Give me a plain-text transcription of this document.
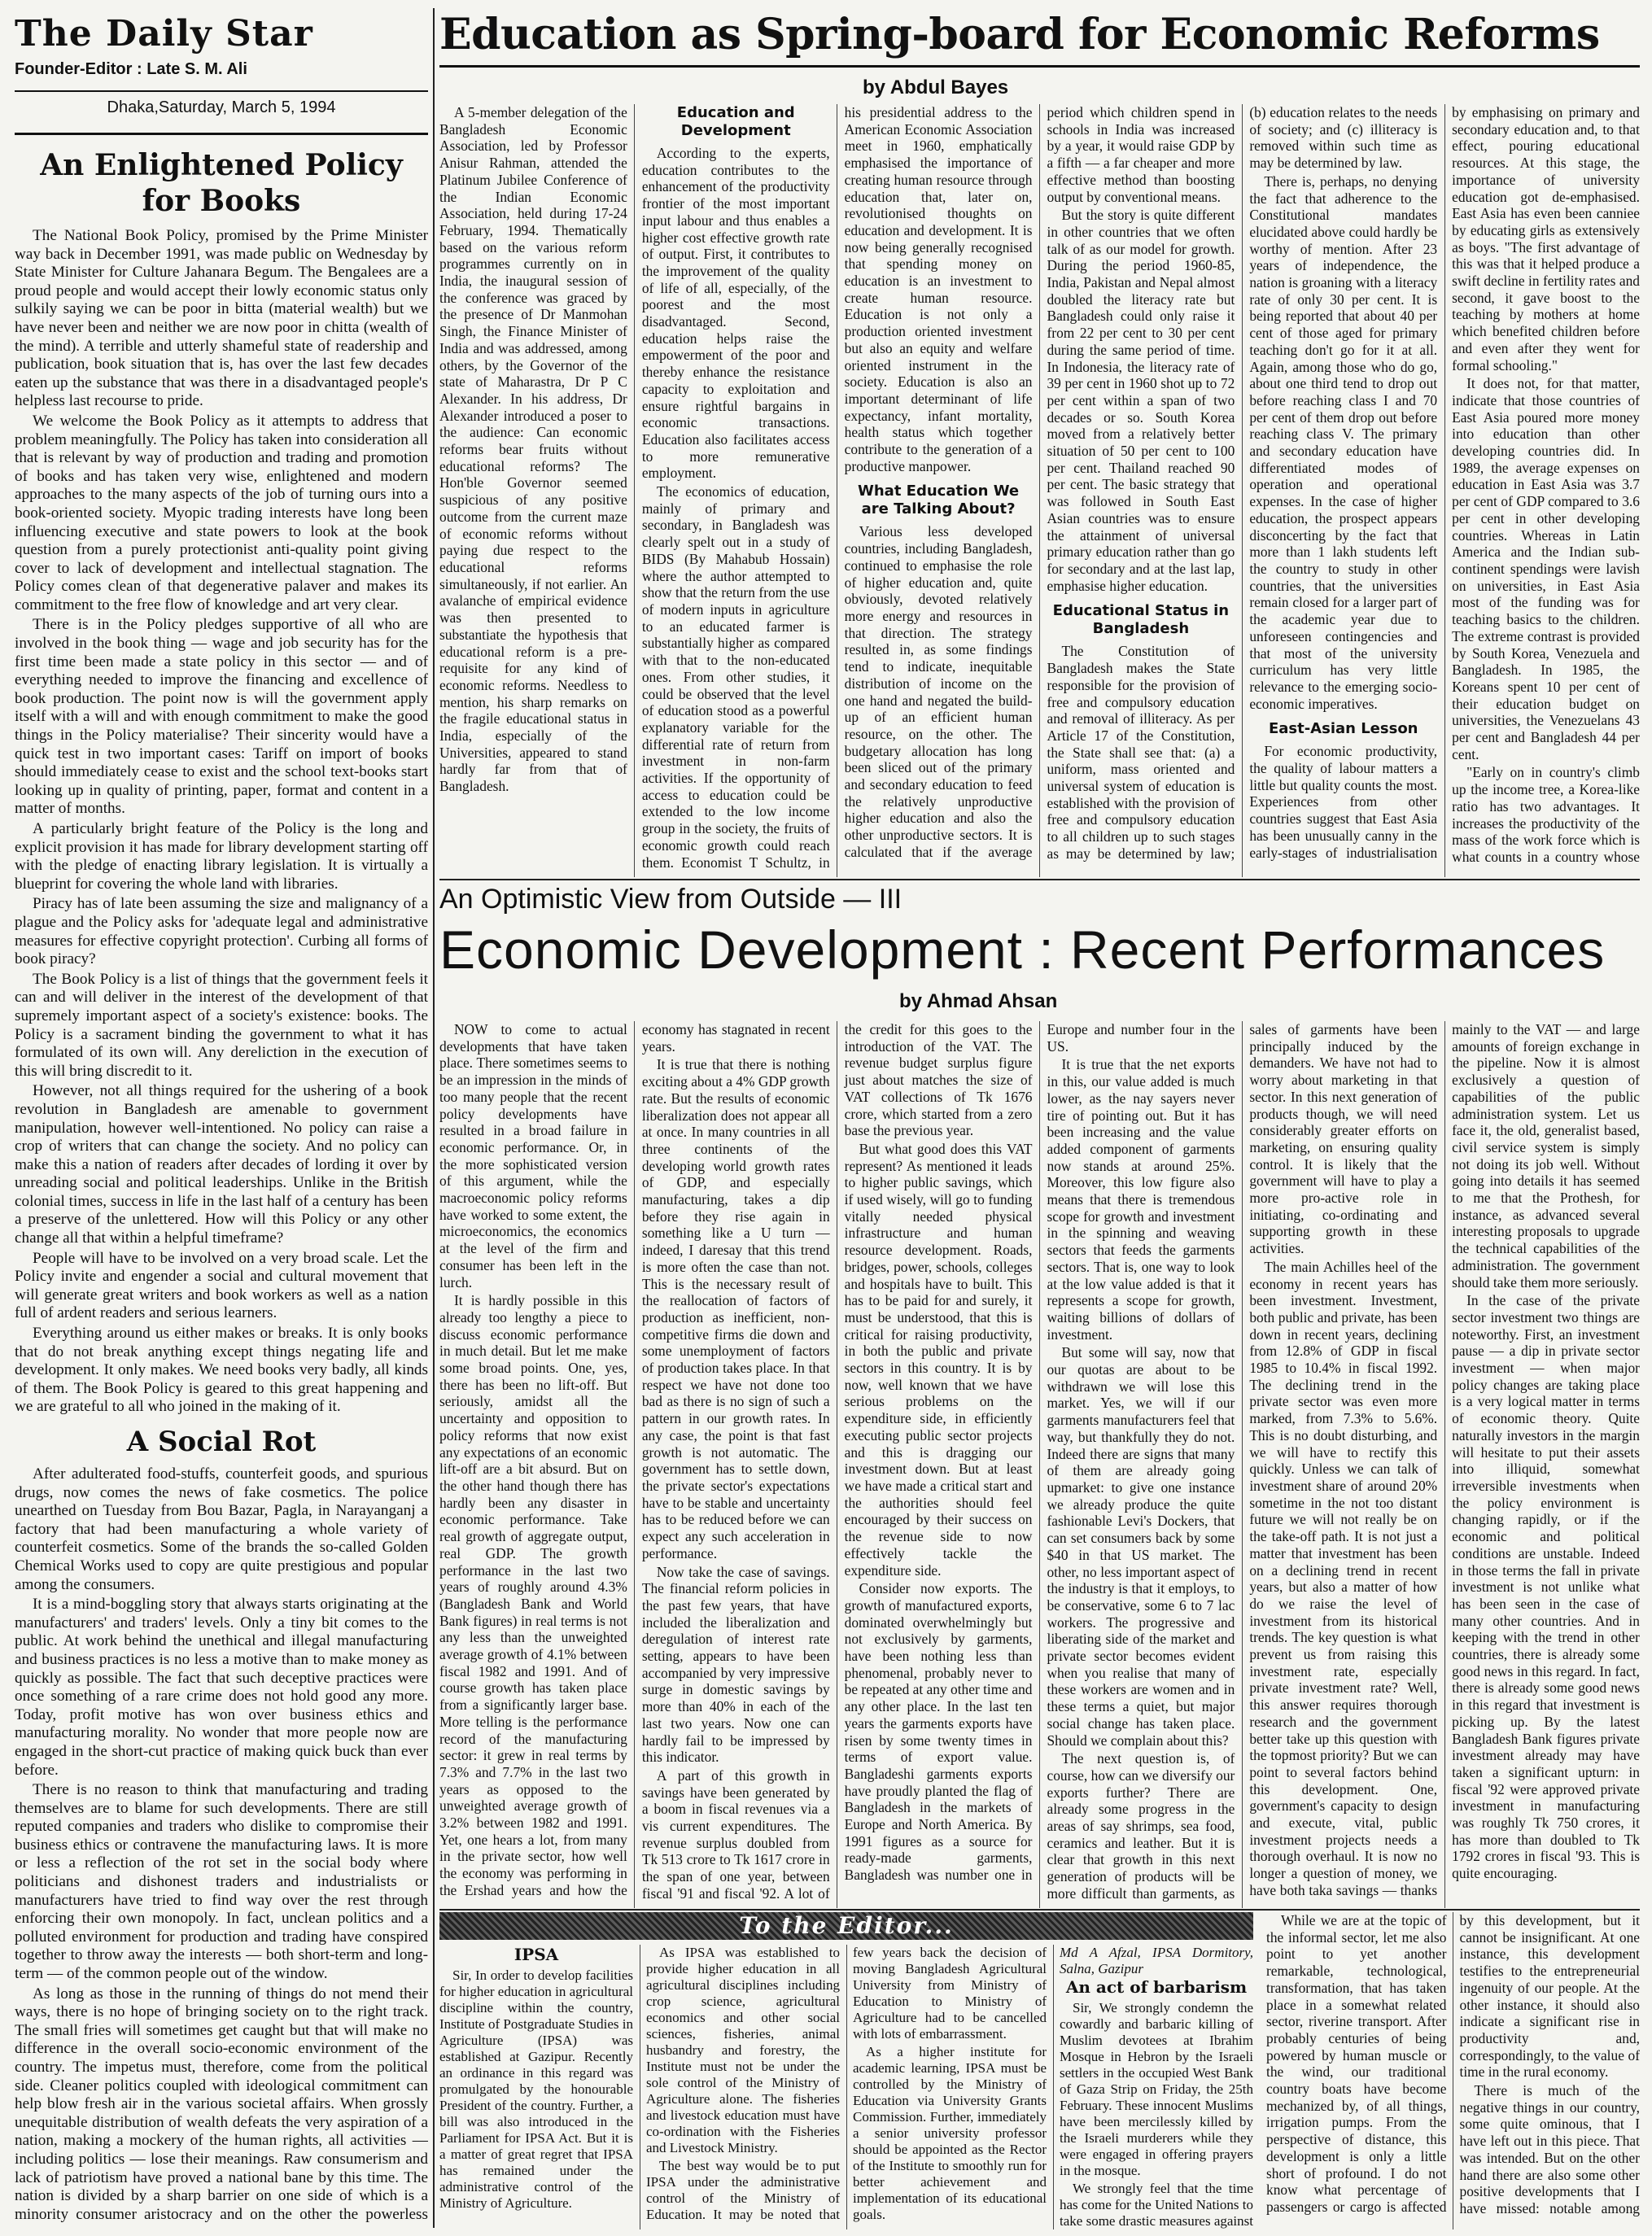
The Daily Star
Founder-Editor : Late S. M. Ali
Dhaka,Saturday, March 5, 1994
An Enlightened Policy for Books

The National Book Policy, promised by the Prime Minister way back in December 1991, was made public on Wednesday by State Minister for Culture Jahanara Begum. The Bengalees are a proud people and would accept their lowly economic status only sulkily saying we can be poor in bitta (material wealth) but we have never been and neither we are now poor in chitta (wealth of the mind). A terrible and utterly shameful state of readership and publication, book situation that is, has over the last few decades eaten up the substance that was there in a disadvantaged people's helpless last recourse to pride.

We welcome the Book Policy as it attempts to address that problem meaningfully. The Policy has taken into consideration all that is relevant by way of production and trading and promotion of books and has taken very wise, enlightened and modern approaches to the many aspects of the job of turning ours into a book-oriented society. Myopic trading interests have long been influencing executive and state powers to look at the book question from a purely protectionist anti-quality point giving cover to lack of development and intellectual stagnation. The Policy comes clean of that degenerative palaver and makes its commitment to the free flow of knowledge and art very clear.

There is in the Policy pledges supportive of all who are involved in the book thing — wage and job security has for the first time been made a state policy in this sector — and of everything needed to improve the financing and excellence of book production. The point now is will the government apply itself with a will and with enough commitment to make the good things in the Policy materialise? Their sincerity would have a quick test in two important cases: Tariff on import of books should immediately cease to exist and the school text-books start looking up in quality of printing, paper, format and content in a matter of months.

A particularly bright feature of the Policy is the long and explicit provision it has made for library development starting off with the pledge of enacting library legislation. It is virtually a blueprint for covering the whole land with libraries.

Piracy has of late been assuming the size and malignancy of a plague and the Policy asks for 'adequate legal and administrative measures for effective copyright protection'. Curbing all forms of book piracy?

The Book Policy is a list of things that the government feels it can and will deliver in the interest of the development of that supremely important aspect of a society's existence: books. The Policy is a sacrament binding the government to what it has formulated of its own will. Any dereliction in the execution of this will bring discredit to it.

However, not all things required for the ushering of a book revolution in Bangladesh are amenable to government manipulation, however well-intentioned. No policy can raise a crop of writers that can change the society. And no policy can make this a nation of readers after decades of lording it over by unreading social and political leaderships. Unlike in the British colonial times, success in life in the last half of a century has been a preserve of the unlettered. How will this Policy or any other change all that within a helpful timeframe?

People will have to be involved on a very broad scale. Let the Policy invite and engender a social and cultural movement that will generate great writers and book workers as well as a nation full of ardent readers and serious learners.

Everything around us either makes or breaks. It is only books that do not break anything except things negating life and development. It only makes. We need books very badly, all kinds of them. The Book Policy is geared to this great happening and we are grateful to all who joined in the making of it.

A Social Rot

After adulterated food-stuffs, counterfeit goods, and spurious drugs, now comes the news of fake cosmetics. The police unearthed on Tuesday from Bou Bazar, Pagla, in Narayanganj a factory that had been manufacturing a whole variety of counterfeit cosmetics. Some of the brands the so-called Golden Chemical Works used to copy are quite prestigious and popular among the consumers.

It is a mind-boggling story that always starts originating at the manufacturers' and traders' levels. Only a tiny bit comes to the public. At work behind the unethical and illegal manufacturing and business practices is no less a motive than to make money as quickly as possible. The fact that such deceptive practices were once something of a rare crime does not hold good any more. Today, profit motive has won over business ethics and manufacturing morality. No wonder that more people now are engaged in the short-cut practice of making quick buck than ever before.

There is no reason to think that manufacturing and trading themselves are to blame for such developments. There are still reputed companies and traders who dislike to compromise their business ethics or contravene the manufacturing laws. It is more or less a reflection of the rot set in the social body where politicians and dishonest traders and industrialists or manufacturers have tried to find way over the rest through enforcing their own monopoly. In fact, unclean politics and a polluted environment for production and trading have conspired together to throw away the interests — both short-term and long-term — of the common people out of the window.

As long as those in the running of things do not mend their ways, there is no hope of bringing society on to the right track. The small fries will sometimes get caught but that will make no difference in the overall socio-economic environment of the country. The impetus must, therefore, come from the political side. Cleaner politics coupled with ideological commitment can help blow fresh air in the various societal affairs. When grossly unequitable distribution of wealth defeats the very aspiration of a nation, making a mockery of the human rights, all activities — including politics — lose their meanings. Raw consumerism and lack of patriotism have proved a national bane by this time. The nation is divided by a sharp barrier on one side of which is a minority consumer aristocracy and on the other the powerless

Education as Spring-board for Economic Reforms
by Abdul Bayes

A 5-member delegation of the Bangladesh Economic Association, led by Professor Anisur Rahman, attended the Platinum Jubilee Conference of the Indian Economic Association, held during 17-24 February, 1994. Thematically based on the various reform programmes currently on in India, the inaugural session of the conference was graced by the presence of Dr Manmohan Singh, the Finance Minister of India and was addressed, among others, by the Governor of the state of Maharastra, Dr P C Alexander. In his address, Dr Alexander introduced a poser to the audience: Can economic reforms bear fruits without educational reforms? The Hon'ble Governor seemed suspicious of any positive outcome from the current maze of economic reforms without paying due respect to the educational reforms simultaneously, if not earlier. An avalanche of empirical evidence was then presented to substantiate the hypothesis that educational reform is a pre-requisite for any kind of economic reforms. Needless to mention, his sharp remarks on the fragile educational status in India, especially of the Universities, appeared to stand hardly far from that of Bangladesh.

Education and Development

According to the experts, education contributes to the enhancement of the productivity frontier of the most important input labour and thus enables a higher cost effective growth rate of output. First, it contributes to the improvement of the quality of life of all, especially, of the poorest and the most disadvantaged. Second, education helps raise the empowerment of the poor and thereby enhance the resistance capacity to exploitation and ensure rightful bargains in economic transactions. Education also facilitates access to more remunerative employment.

The economics of education, mainly of primary and secondary, in Bangladesh was clearly spelt out in a study of BIDS (By Mahabub Hossain) where the author attempted to show that the return from the use of modern inputs in agriculture to an educated farmer is substantially higher as compared with that to the non-educated ones. From other studies, it could be observed that the level of education stood as a powerful explanatory variable for the differential rate of return from investment in non-farm activities. If the opportunity of access to education could be extended to the low income group in the society, the fruits of economic growth could reach them. Economist T Schultz, in his presidential address to the American Economic Association meet in 1960, emphatically emphasised the importance of creating human resource through education that, later on, revolutionised thoughts on education and development. It is now being generally recognised that spending money on education is an investment to create human resource. Education is not only a production oriented investment but also an equity and welfare oriented instrument in the society. Education is also an important determinant of life expectancy, infant mortality, health status which together contribute to the generation of a productive manpower.

What Education We are Talking About?

Various less developed countries, including Bangladesh, continued to emphasise the role of higher education and, quite obviously, devoted relatively more energy and resources in that direction. The strategy resulted in, as some findings tend to indicate, inequitable distribution of income on the one hand and negated the build-up of an efficient human resource, on the other. The budgetary allocation has long been sliced out of the primary and secondary education to feed the relatively unproductive higher education and also the other unproductive sectors. It is calculated that if the average period which children spend in schools in India was increased by a year, it would raise GDP by a fifth — a far cheaper and more effective method than boosting output by conventional means.

But the story is quite different in other countries that we often talk of as our model for growth. During the period 1960-85, India, Pakistan and Nepal almost doubled the literacy rate but Bangladesh could only raise it from 22 per cent to 30 per cent during the same period of time. In Indonesia, the literacy rate of 39 per cent in 1960 shot up to 72 per cent within a span of two decades or so. South Korea moved from a relatively better situation of 50 per cent to 100 per cent. Thailand reached 90 per cent. The basic strategy that was followed in South East Asian countries was to ensure the attainment of universal primary education rather than go for secondary and at the last lap, emphasise higher education.

Educational Status in Bangladesh

The Constitution of Bangladesh makes the State responsible for the provision of free and compulsory education and removal of illiteracy. As per Article 17 of the Constitution, the State shall see that: (a) a uniform, mass oriented and universal system of education is established with the provision of free and compulsory education to all children up to such stages as may be determined by law; (b) education relates to the needs of society; and (c) illiteracy is removed within such time as may be determined by law.

There is, perhaps, no denying the fact that adherence to the Constitutional mandates elucidated above could hardly be worthy of mention. After 23 years of independence, the nation is groaning with a literacy rate of only 30 per cent. It is being reported that about 40 per cent of those aged for primary teaching don't go for it at all. Again, among those who do go, about one third tend to drop out before reaching class I and 70 per cent of them drop out before reaching class V. The primary and secondary education have differentiated modes of operation and operational expenses. In the case of higher education, the prospect appears disconcerting by the fact that more than 1 lakh students left the country to study in other countries, that the universities remain closed for a larger part of the academic year due to unforeseen contingencies and that most of the university curriculum has very little relevance to the emerging socio-economic imperatives.

East-Asian Lesson

For economic productivity, the quality of labour matters a little but quality counts the most. Experiences from other countries suggest that East Asia has been unusually canny in the early-stages of industrialisation by emphasising on primary and secondary education and, to that effect, pouring educational resources. At this stage, the importance of university education got de-emphasised. East Asia has even been canniee by educating girls as extensively as boys. "The first advantage of this was that it helped produce a swift decline in fertility rates and second, it gave boost to the teaching by mothers at home which benefited children before and even after they went for formal schooling."

It does not, for that matter, indicate that those countries of East Asia poured more money into education than other developing countries did. In 1989, the average expenses on education in East Asia was 3.7 per cent of GDP compared to 3.6 per cent in other developing countries. Whereas in Latin America and the Indian sub-continent spendings were lavish on universities, in East Asia most of the funding was for teaching basics to the children. The extreme contrast is provided by South Korea, Venezuela and Bangladesh. In 1985, the Koreans spent 10 per cent of their education budget on universities, the Venezuelans 43 per cent and Bangladesh 44 per cent.

"Early on in country's climb up the income tree, a Korea-like ratio has two advantages. It increases the productivity of the mass of the work force which is what counts in a country whose

An Optimistic View from Outside — III
Economic Development : Recent Performances
by Ahmad Ahsan

NOW to come to actual developments that have taken place. There sometimes seems to be an impression in the minds of too many people that the recent policy developments have resulted in a broad failure in economic performance. Or, in the more sophisticated version of this argument, while the macroeconomic policy reforms have worked to some extent, the microeconomics, the economics at the level of the firm and consumer has been left in the lurch.

It is hardly possible in this already too lengthy a piece to discuss economic performance in much detail. But let me make some broad points. One, yes, there has been no lift-off. But seriously, amidst all the uncertainty and opposition to policy reforms that now exist any expectations of an economic lift-off are a bit absurd. But on the other hand though there has hardly been any disaster in economic performance. Take real growth of aggregate output, real GDP. The growth performance in the last two years of roughly around 4.3% (Bangladesh Bank and World Bank figures) in real terms is not any less than the unweighted average growth of 4.1% between fiscal 1982 and 1991. And of course growth has taken place from a significantly larger base. More telling is the performance record of the manufacturing sector: it grew in real terms by 7.3% and 7.7% in the last two years as opposed to the unweighted average growth of 3.2% between 1982 and 1991. Yet, one hears a lot, from many in the private sector, how well the economy was performing in the Ershad years and how the economy has stagnated in recent years.

It is true that there is nothing exciting about a 4% GDP growth rate. But the results of economic liberalization does not appear all at once. In many countries in all three continents of the developing world growth rates of GDP, and especially manufacturing, takes a dip before they rise again in something like a U turn — indeed, I daresay that this trend is more often the case than not. This is the necessary result of the reallocation of factors of production as inefficient, non-competitive firms die down and some unemployment of factors of production takes place. In that respect we have not done too bad as there is no sign of such a pattern in our growth rates. In any case, the point is that fast growth is not automatic. The government has to settle down, the private sector's expectations have to be stable and uncertainty has to be reduced before we can expect any such acceleration in performance.

Now take the case of savings. The financial reform policies in the past few years, that have included the liberalization and deregulation of interest rate setting, appears to have been accompanied by very impressive surge in domestic savings by more than 40% in each of the last two years. Now one can hardly fail to be impressed by this indicator.

A part of this growth in savings have been generated by a boom in fiscal revenues via a vis current expenditures. The revenue surplus doubled from Tk 513 crore to Tk 1617 crore in the span of one year, between fiscal '91 and fiscal '92. A lot of the credit for this goes to the introduction of the VAT. The revenue budget surplus figure just about matches the size of VAT collections of Tk 1676 crore, which started from a zero base the previous year.

But what good does this VAT represent? As mentioned it leads to higher public savings, which if used wisely, will go to funding vitally needed physical infrastructure and human resource development. Roads, bridges, power, schools, colleges and hospitals have to built. This has to be paid for and surely, it must be understood, that this is critical for raising productivity, in both the public and private sectors in this country. It is by now, well known that we have serious problems on the expenditure side, in efficiently executing public sector projects and this is dragging our investment down. But at least we have made a critical start and the authorities should feel encouraged by their success on the revenue side to now effectively tackle the expenditure side.

Consider now exports. The growth of manufactured exports, dominated overwhelmingly but not exclusively by garments, have been nothing less than phenomenal, probably never to be repeated at any other time and any other place. In the last ten years the garments exports have risen by some twenty times in terms of export value. Bangladeshi garments exports have proudly planted the flag of Bangladesh in the markets of Europe and North America. By 1991 figures as a source for ready-made garments, Bangladesh was number one in Europe and number four in the US.

It is true that the net exports in this, our value added is much lower, as the nay sayers never tire of pointing out. But it has been increasing and the value added component of garments now stands at around 25%. Moreover, this low figure also means that there is tremendous scope for growth and investment in the spinning and weaving sectors that feeds the garments sectors. That is, one way to look at the low value added is that it represents a scope for growth, waiting billions of dollars of investment.

But some will say, now that our quotas are about to be withdrawn we will lose this market. Yes, we will if our garments manufacturers feel that way, but thankfully they do not. Indeed there are signs that many of them are already going upmarket: to give one instance we already produce the quite fashionable Levi's Dockers, that can set consumers back by some $40 in that US market. The other, no less important aspect of the industry is that it employs, to be conservative, some 6 to 7 lac workers. The progressive and liberating side of the market and private sector becomes evident when you realise that many of these workers are women and in these terms a quiet, but major social change has taken place. Should we complain about this?

The next question is, of course, how can we diversify our exports further? There are already some progress in the areas of say shrimps, sea food, ceramics and leather. But it is clear that growth in this next generation of products will be more difficult than garments, as sales of garments have been principally induced by the demanders. We have not had to worry about marketing in that sector. In this next generation of products though, we will need considerably greater efforts on marketing, on ensuring quality control. It is likely that the government will have to play a more pro-active role in initiating, co-ordinating and supporting growth in these activities.

The main Achilles heel of the economy in recent years has been investment. Investment, both public and private, has been down in recent years, declining from 12.8% of GDP in fiscal 1985 to 10.4% in fiscal 1992. The declining trend in the private sector was even more marked, from 7.3% to 5.6%. This is no doubt disturbing, and we will have to rectify this quickly. Unless we can talk of investment share of around 20% sometime in the not too distant future we will not really be on the take-off path. It is not just a matter that investment has been on a declining trend in recent years, but also a matter of how do we raise the level of investment from its historical trends. The key question is what prevent us from raising this investment rate, especially private investment rate? Well, this answer requires thorough research and the government better take up this question with the topmost priority? But we can point to several factors behind this development. One, government's capacity to design and execute, vital, public investment projects needs a thorough overhaul. It is now no longer a question of money, we have both taka savings — thanks mainly to the VAT — and large amounts of foreign exchange in the pipeline. Now it is almost exclusively a question of capabilities of the public administration system. Let us face it, the old, generalist based, civil service system is simply not doing its job well. Without going into details it has seemed to me that the Prothesh, for instance, as advanced several interesting proposals to upgrade the technical capabilities of the administration. The government should take them more seriously.

In the case of the private sector investment two things are noteworthy. First, an investment pause — a dip in private sector investment — when major policy changes are taking place is a very logical matter in terms of economic theory. Quite naturally investors in the margin will hesitate to put their assets into illiquid, somewhat irreversible investments when the policy environment is changing rapidly, or if the economic and political conditions are unstable. Indeed in those terms the fall in private investment is not unlike what has been seen in the case of many other countries. And in keeping with the trend in other countries, there is already some good news in this regard. In fact, there is already some good news in this regard that investment is picking up. By the latest Bangladesh Bank figures private investment already may have taken a significant upturn: in fiscal '92 were approved private investment in manufacturing was roughly Tk 750 crores, it has more than doubled to Tk 1792 crores in fiscal '93. This is quite encouraging.

To the Editor...
IPSA

Sir, In order to develop facilities for higher education in agricultural discipline within the country, Institute of Postgraduate Studies in Agriculture (IPSA) was established at Gazipur. Recently an ordinance in this regard was promulgated by the honourable President of the country. Further, a bill was also introduced in the Parliament for IPSA Act. But it is a matter of great regret that IPSA has remained under the administrative control of the Ministry of Agriculture.

As IPSA was established to provide higher education in all agricultural disciplines including crop science, agricultural economics and other social sciences, fisheries, animal husbandry and forestry, the Institute must not be under the sole control of the Ministry of Agriculture alone. The fisheries and livestock education must have co-ordination with the Fisheries and Livestock Ministry.

The best way would be to put IPSA under the administrative control of the Ministry of Education. It may be noted that few years back the decision of moving Bangladesh Agricultural University from Ministry of Education to Ministry of Agriculture had to be cancelled with lots of embarrassment.

As a higher institute for academic learning, IPSA must be controlled by the Ministry of Education via University Grants Commission. Further, immediately a senior university professor should be appointed as the Rector of the Institute to smoothly run for better achievement and implementation of its educational goals.

Md A Afzal, IPSA Dormitory, Salna, Gazipur
An act of barbarism

Sir, We strongly condemn the cowardly and barbaric killing of Muslim devotees at Ibrahim Mosque in Hebron by the Israeli settlers in the occupied West Bank of Gaza Strip on Friday, the 25th February. These innocent Muslims have been mercilessly killed by the Israeli murderers while they were engaged in offering prayers in the mosque.

We strongly feel that the time has come for the United Nations to take some drastic measures against

While we are at the topic of the informal sector, let me also point to yet another remarkable, technological, transformation, that has taken place in a somewhat related sector, riverine transport. After probably centuries of being powered by human muscle or the wind, our traditional country boats have become mechanized by, of all things, irrigation pumps. From the perspective of distance, this development is only a little short of profound. I do not know what percentage of passengers or cargo is affected by this development, but it cannot be insignificant. At one instance, this development testifies to the entrepreneurial ingenuity of our people. At the other instance, it should also indicate a significant rise in productivity and, correspondingly, to the value of time in the rural economy.

There is much of the negative things in our country, some quite ominous, that I have left out in this piece. That was intended. But on the other hand there are also some other positive developments that I have missed: notable among
